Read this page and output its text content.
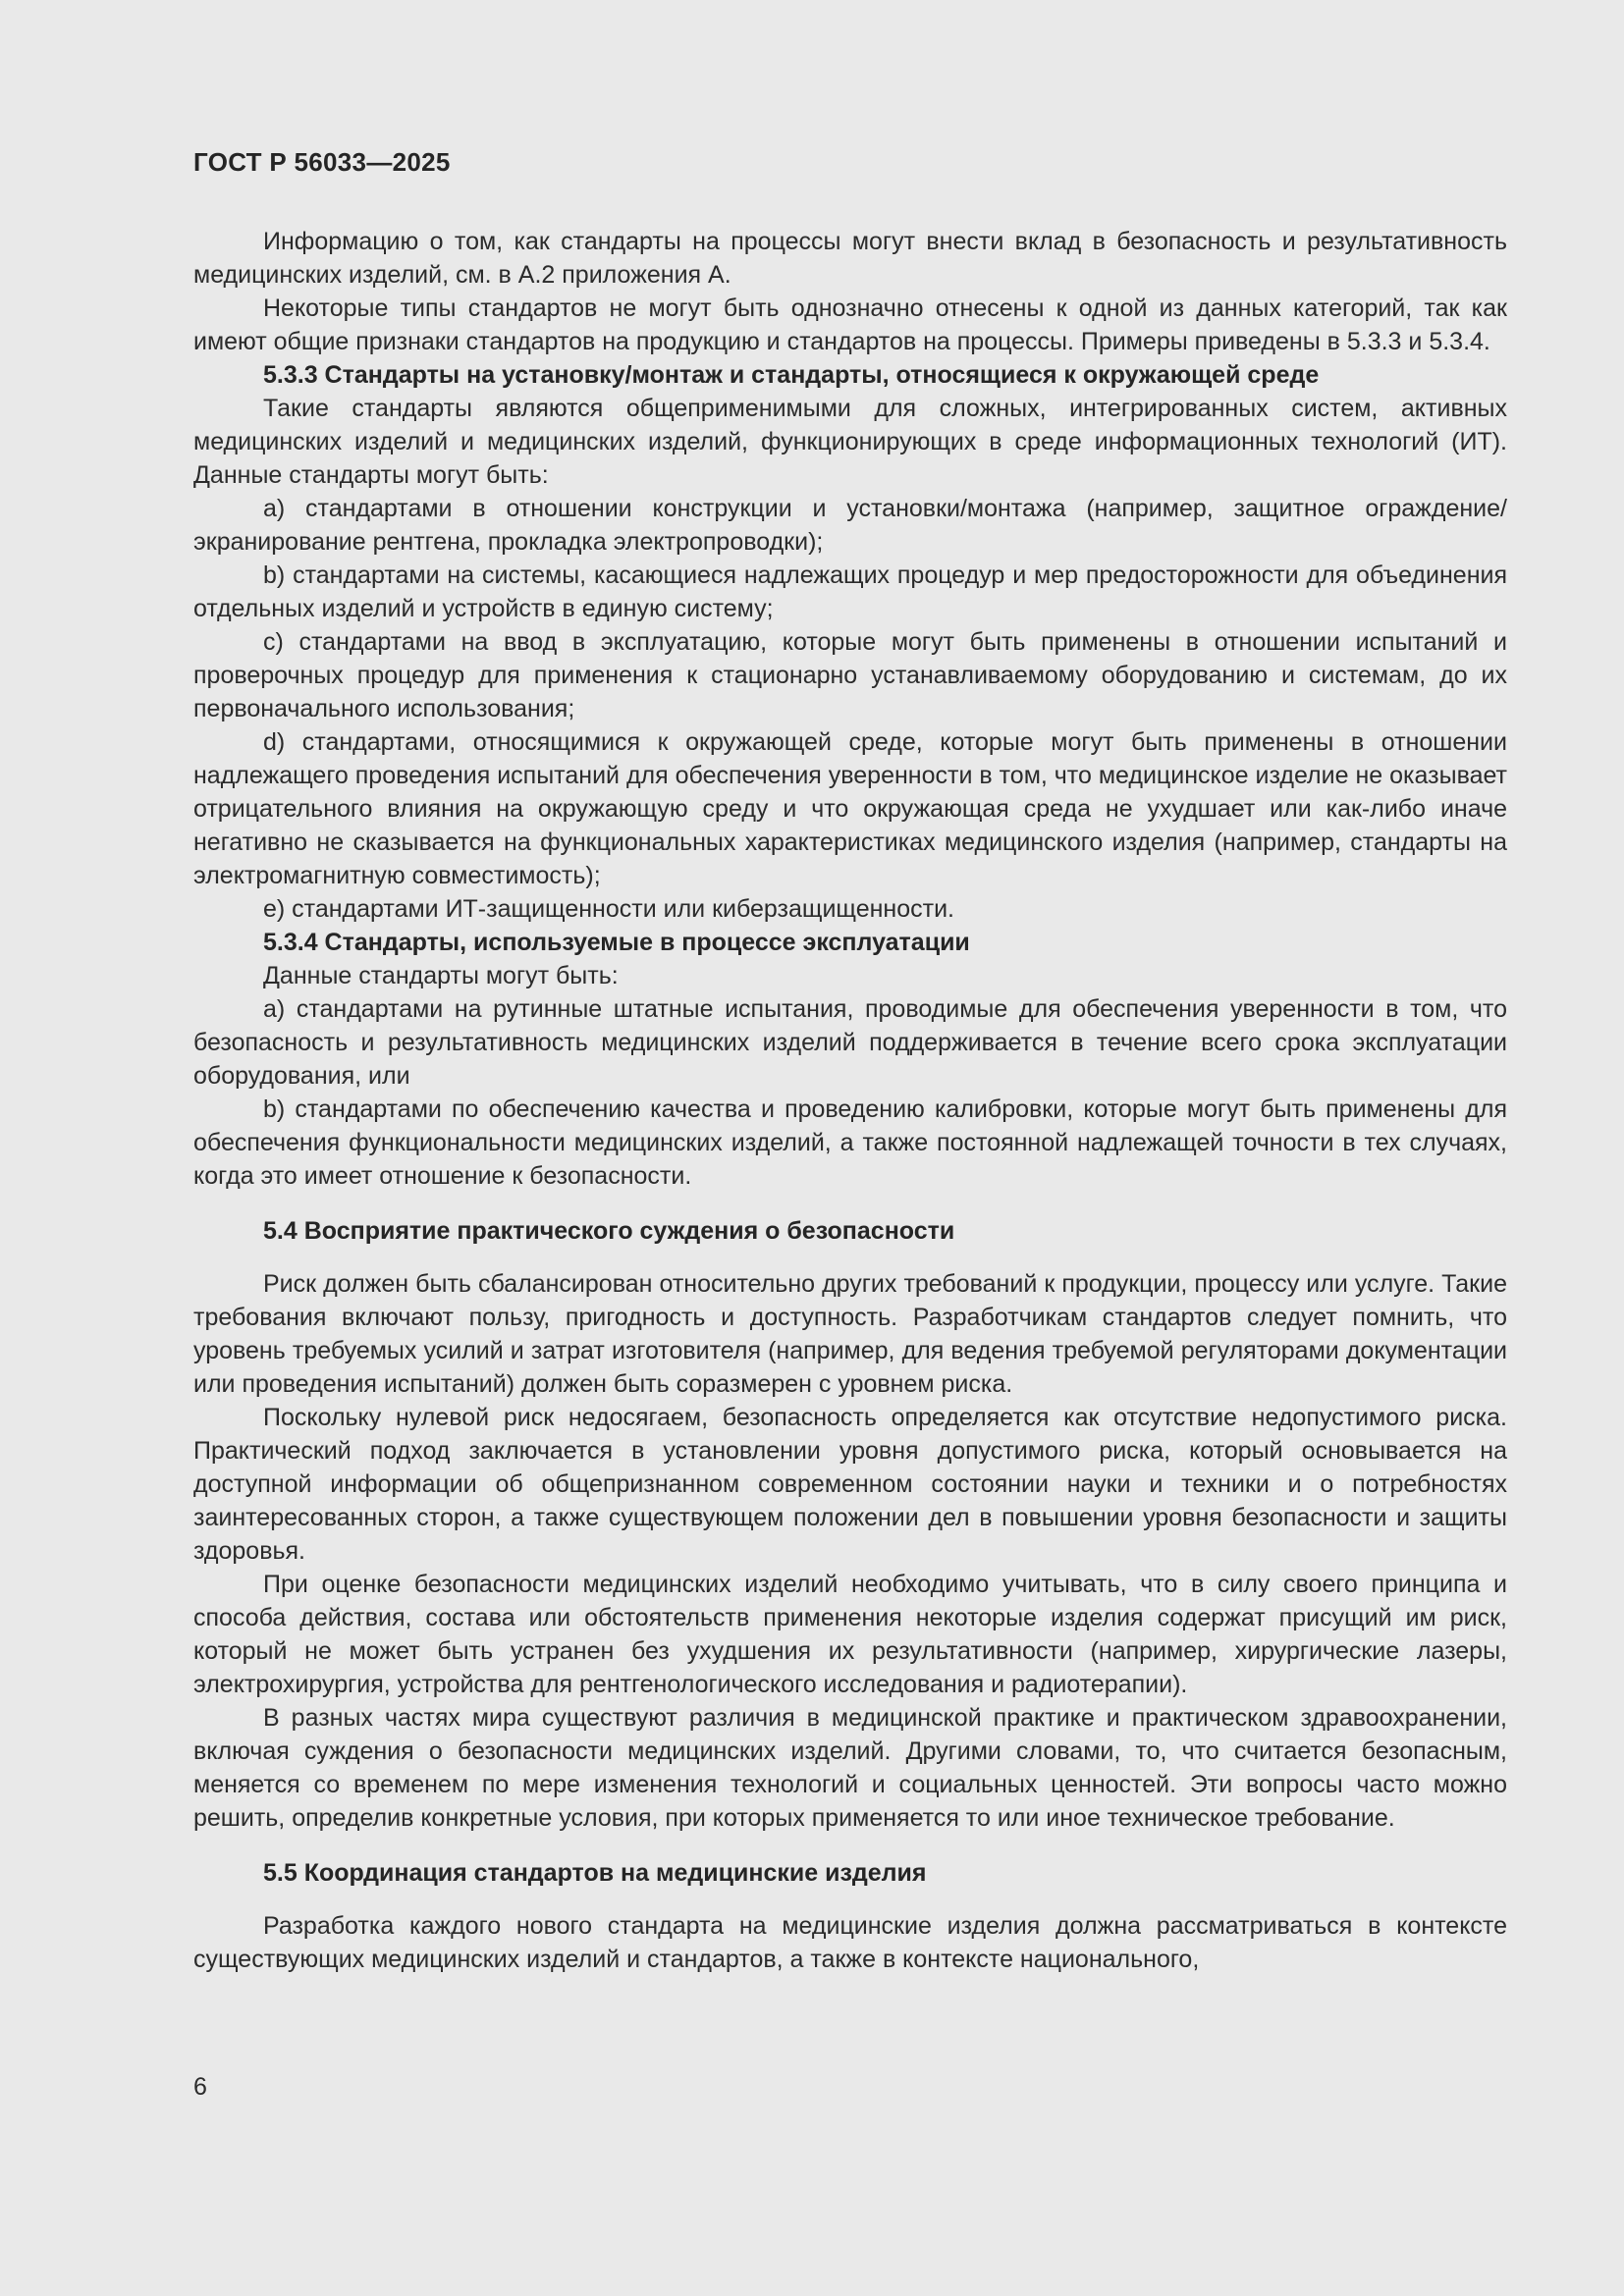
ГОСТ Р 56033—2025

Информацию о том, как стандарты на процессы могут внести вклад в безопасность и результативность медицинских изделий, см. в А.2 приложения А.

Некоторые типы стандартов не могут быть однозначно отнесены к одной из данных категорий, так как имеют общие признаки стандартов на продукцию и стандартов на процессы. Примеры приведены в 5.3.3 и 5.3.4.

5.3.3 Стандарты на установку/монтаж и стандарты, относящиеся к окружающей среде

Такие стандарты являются общеприменимыми для сложных, интегрированных систем, активных медицинских изделий и медицинских изделий, функционирующих в среде информационных технологий (ИТ). Данные стандарты могут быть:

a) стандартами в отношении конструкции и установки/монтажа (например, защитное ограждение/экранирование рентгена, прокладка электропроводки);

b) стандартами на системы, касающиеся надлежащих процедур и мер предосторожности для объединения отдельных изделий и устройств в единую систему;

c) стандартами на ввод в эксплуатацию, которые могут быть применены в отношении испытаний и проверочных процедур для применения к стационарно устанавливаемому оборудованию и системам, до их первоначального использования;

d) стандартами, относящимися к окружающей среде, которые могут быть применены в отношении надлежащего проведения испытаний для обеспечения уверенности в том, что медицинское изделие не оказывает отрицательного влияния на окружающую среду и что окружающая среда не ухудшает или как-либо иначе негативно не сказывается на функциональных характеристиках медицинского изделия (например, стандарты на электромагнитную совместимость);

e) стандартами ИТ-защищенности или киберзащищенности.

5.3.4 Стандарты, используемые в процессе эксплуатации

Данные стандарты могут быть:

a) стандартами на рутинные штатные испытания, проводимые для обеспечения уверенности в том, что безопасность и результативность медицинских изделий поддерживается в течение всего срока эксплуатации оборудования, или

b) стандартами по обеспечению качества и проведению калибровки, которые могут быть применены для обеспечения функциональности медицинских изделий, а также постоянной надлежащей точности в тех случаях, когда это имеет отношение к безопасности.

5.4 Восприятие практического суждения о безопасности

Риск должен быть сбалансирован относительно других требований к продукции, процессу или услуге. Такие требования включают пользу, пригодность и доступность. Разработчикам стандартов следует помнить, что уровень требуемых усилий и затрат изготовителя (например, для ведения требуемой регуляторами документации или проведения испытаний) должен быть соразмерен с уровнем риска.

Поскольку нулевой риск недосягаем, безопасность определяется как отсутствие недопустимого риска. Практический подход заключается в установлении уровня допустимого риска, который основывается на доступной информации об общепризнанном современном состоянии науки и техники и о потребностях заинтересованных сторон, а также существующем положении дел в повышении уровня безопасности и защиты здоровья.

При оценке безопасности медицинских изделий необходимо учитывать, что в силу своего принципа и способа действия, состава или обстоятельств применения некоторые изделия содержат присущий им риск, который не может быть устранен без ухудшения их результативности (например, хирургические лазеры, электрохирургия, устройства для рентгенологического исследования и радиотерапии).

В разных частях мира существуют различия в медицинской практике и практическом здравоохранении, включая суждения о безопасности медицинских изделий. Другими словами, то, что считается безопасным, меняется со временем по мере изменения технологий и социальных ценностей. Эти вопросы часто можно решить, определив конкретные условия, при которых применяется то или иное техническое требование.

5.5 Координация стандартов на медицинские изделия

Разработка каждого нового стандарта на медицинские изделия должна рассматриваться в контексте существующих медицинских изделий и стандартов, а также в контексте национального,

6
